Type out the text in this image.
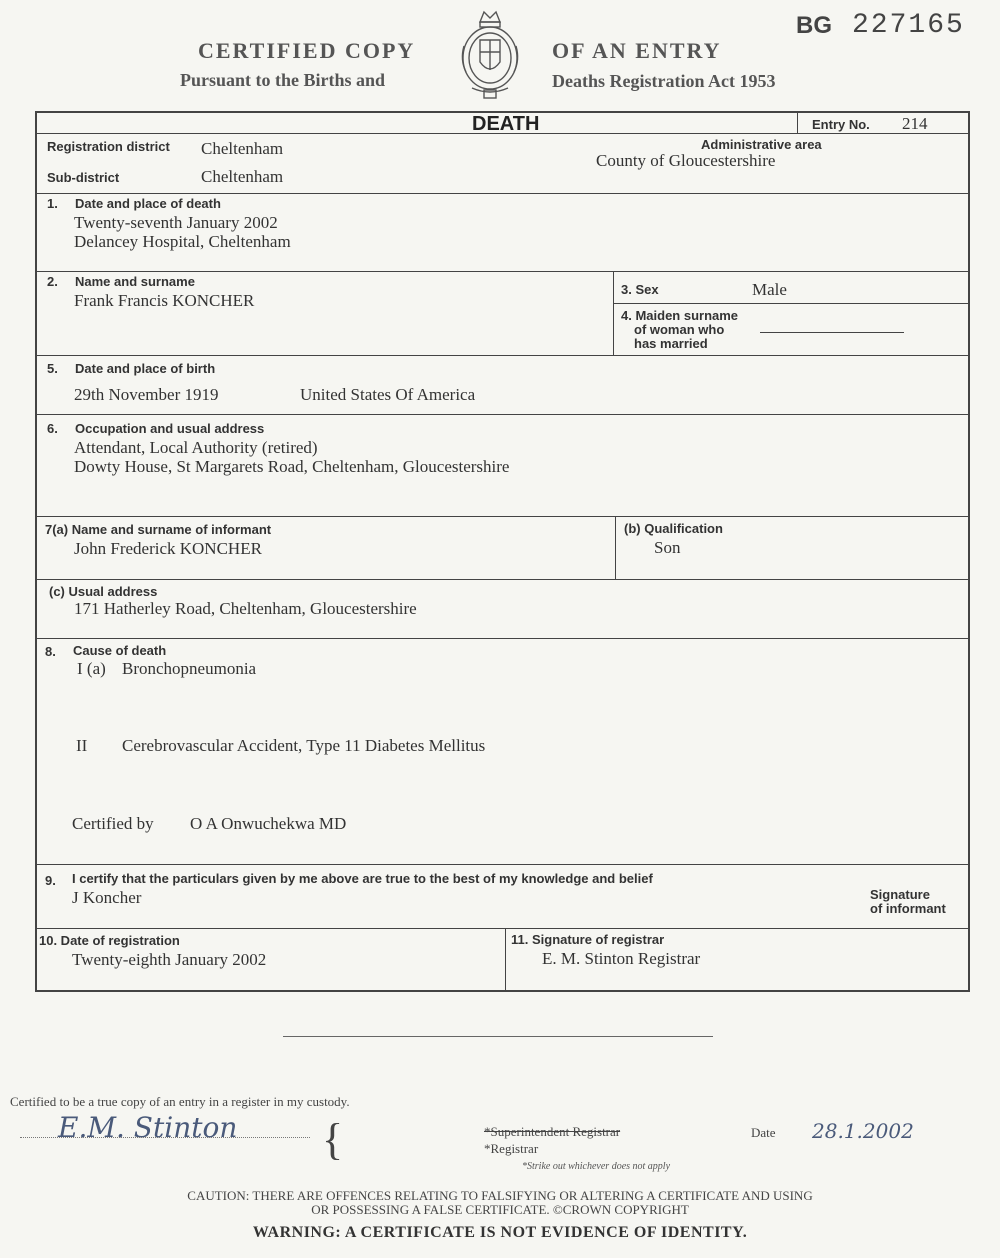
CERTIFIED COPY	OF AN ENTRY
Pursuant to the Births and	Deaths Registration Act 1953
BG 227165
DEATH	Entry No. 214
Registration district Cheltenham	Administrative area
County of Gloucestershire
Sub-district	Cheltenham
1. Date and place of death
Twenty-seventh January 2002
Delancey Hospital, Cheltenham
2. Name and surname
Frank Francis KONCHER
3. Sex	Male
4. Maiden surname
of woman who
has married
5. Date and place of birth
29th November 1919	United States Of America
6. Occupation and usual address
Attendant, Local Authority (retired)
Dowty House, St Margarets Road, Cheltenham, Gloucestershire
7(a) Name and surname of informant
John Frederick KONCHER
(b) Qualification
Son
(c) Usual address
171 Hatherley Road, Cheltenham, Gloucestershire
8. Cause of death
I (a) Bronchopneumonia
II Cerebrovascular Accident, Type 11 Diabetes Mellitus
Certified by O A Onwuchekwa MD
9. I certify that the particulars given by me above are true to the best of my knowledge and belief
J Koncher	Signature
of informant
10. Date of registration
Twenty-eighth January 2002
11. Signature of registrar
E. M. Stinton Registrar
Certified to be a true copy of an entry in a register in my custody.
E.M. Stinton {	*Superintendent Registrar
*Registrar
*Strike out whichever does not apply
Date 28.1.2002
CAUTION: THERE ARE OFFENCES RELATING TO FALSIFYING OR ALTERING A CERTIFICATE AND USING
OR POSSESSING A FALSE CERTIFICATE. ©CROWN COPYRIGHT
WARNING: A CERTIFICATE IS NOT EVIDENCE OF IDENTITY.
